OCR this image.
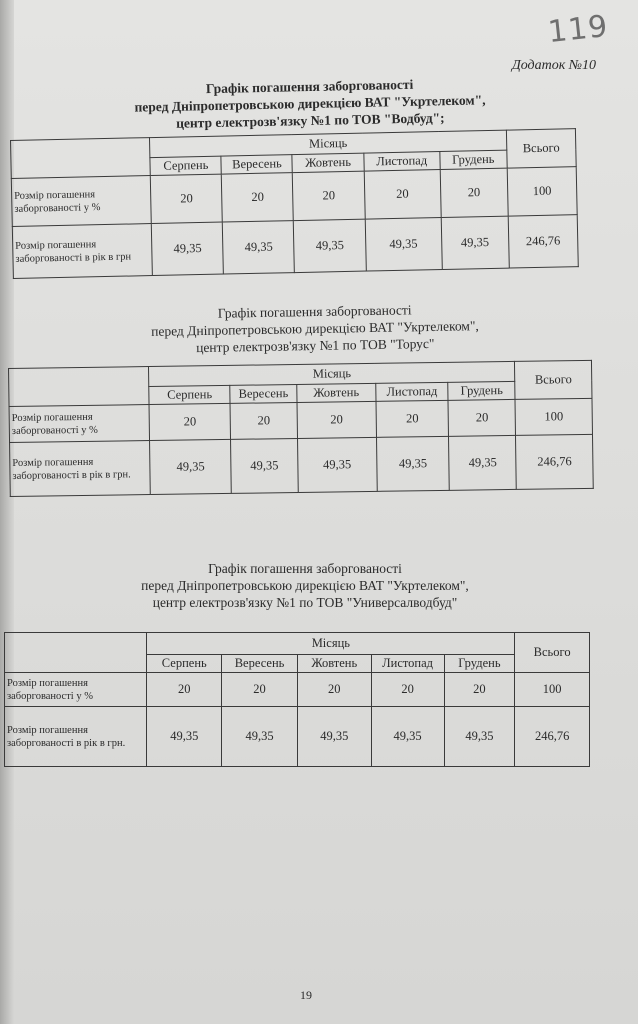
119
Додаток №10
Графік погашення заборгованості
перед Дніпропетровською дирекцією ВАТ "Укртелеком",
центр електрозв'язку №1 по ТОВ "Водбуд";
	Місяць					Всього
	Серпень	Вересень	Жовтень	Листопад	Грудень	
Розмір погашення заборгованості у %	20	20	20	20	20	100
Розмір погашення заборгованості в рік в грн	49,35	49,35	49,35	49,35	49,35	246,76
Графік погашення заборгованості
перед Дніпропетровською дирекцією ВАТ "Укртелеком",
центр електрозв'язку №1 по ТОВ "Торус"
	Місяць					Всього
	Серпень	Вересень	Жовтень	Листопад	Грудень	
Розмір погашення заборгованості у %	20	20	20	20	20	100
Розмір погашення заборгованості в рік в грн.	49,35	49,35	49,35	49,35	49,35	246,76
Графік погашення заборгованості
перед Дніпропетровською дирекцією ВАТ "Укртелеком",
центр електрозв'язку №1 по ТОВ "Универсалводбуд"
	Місяць					Всього
	Серпень	Вересень	Жовтень	Листопад	Грудень	
Розмір погашення заборгованості у %	20	20	20	20	20	100
Розмір погашення заборгованості в рік в грн.	49,35	49,35	49,35	49,35	49,35	246,76
19
